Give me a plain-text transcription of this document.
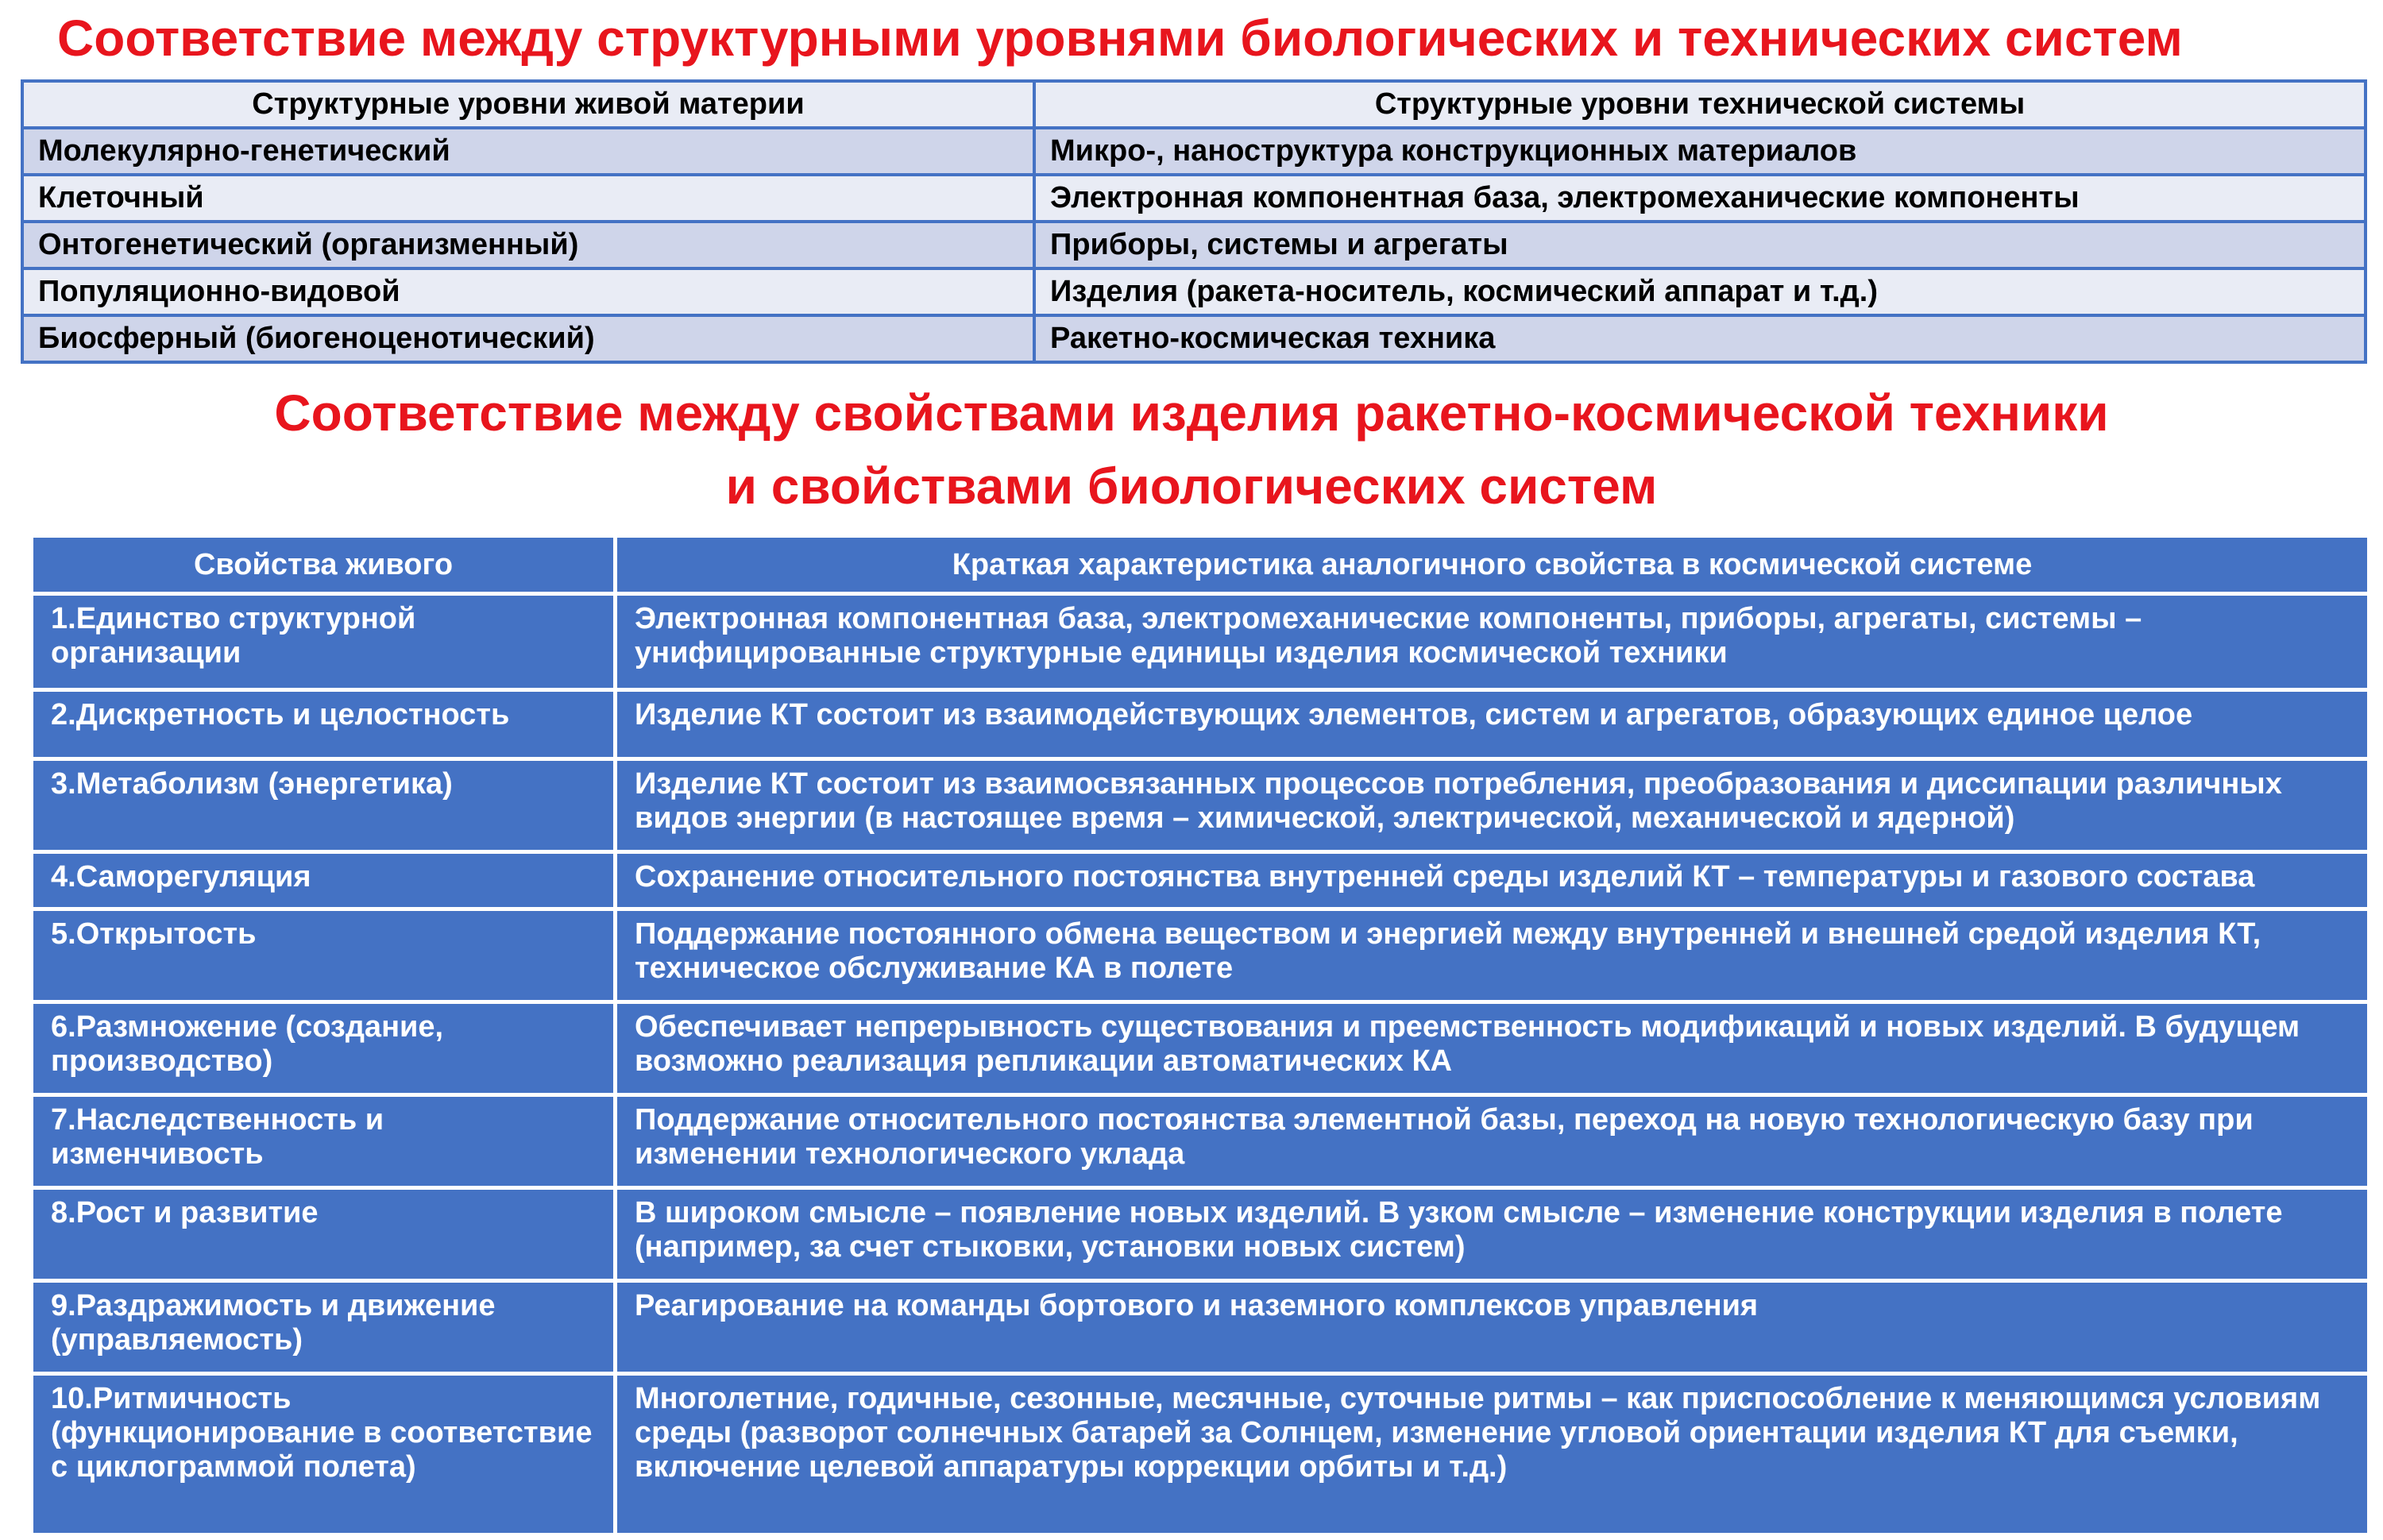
Соответствие между структурными уровнями биологических и технических систем
Структурные уровни живой материи	Структурные уровни технической системы
Молекулярно-генетический	Микро-, наноструктура конструкционных материалов
Клеточный	Электронная компонентная база, электромеханические компоненты
Онтогенетический (организменный)	Приборы, системы и агрегаты
Популяционно-видовой	Изделия (ракета-носитель, космический аппарат и т.д.)
Биосферный (биогеноценотический)	Ракетно-космическая техника
Соответствие между свойствами изделия ракетно-космической техники
и свойствами биологических систем
Свойства живого	Краткая характеристика аналогичного свойства в космической системе
1.Единство структурной организации	Электронная компонентная база, электромеханические компоненты, приборы, агрегаты, системы – унифицированные структурные единицы изделия космической техники
2.Дискретность и целостность	Изделие КТ состоит из взаимодействующих элементов, систем и агрегатов, образующих единое целое
3.Метаболизм (энергетика)	Изделие КТ состоит из взаимосвязанных процессов потребления, преобразования и диссипации различных видов энергии (в настоящее время – химической, электрической, механической и ядерной)
4.Саморегуляция	Сохранение относительного постоянства внутренней среды изделий КТ – температуры и газового состава
5.Открытость	Поддержание постоянного обмена веществом и энергией между внутренней и внешней средой изделия КТ, техническое обслуживание КА в полете
6.Размножение (создание, производство)	Обеспечивает непрерывность существования и преемственность модификаций и новых изделий. В будущем возможно реализация репликации автоматических КА
7.Наследственность и изменчивость	Поддержание относительного постоянства элементной базы, переход на новую технологическую базу при изменении технологического уклада
8.Рост и развитие	В широком смысле – появление новых изделий. В узком смысле – изменение конструкции изделия в полете (например, за счет стыковки, установки новых систем)
9.Раздражимость и движение (управляемость)	Реагирование на команды бортового и наземного комплексов управления
10.Ритмичность (функционирование в соответствие с циклограммой полета)	Многолетние, годичные, сезонные, месячные, суточные ритмы – как приспособление к меняющимся условиям среды (разворот солнечных батарей за Солнцем, изменение угловой ориентации изделия КТ для съемки, включение целевой аппаратуры коррекции орбиты и т.д.)
